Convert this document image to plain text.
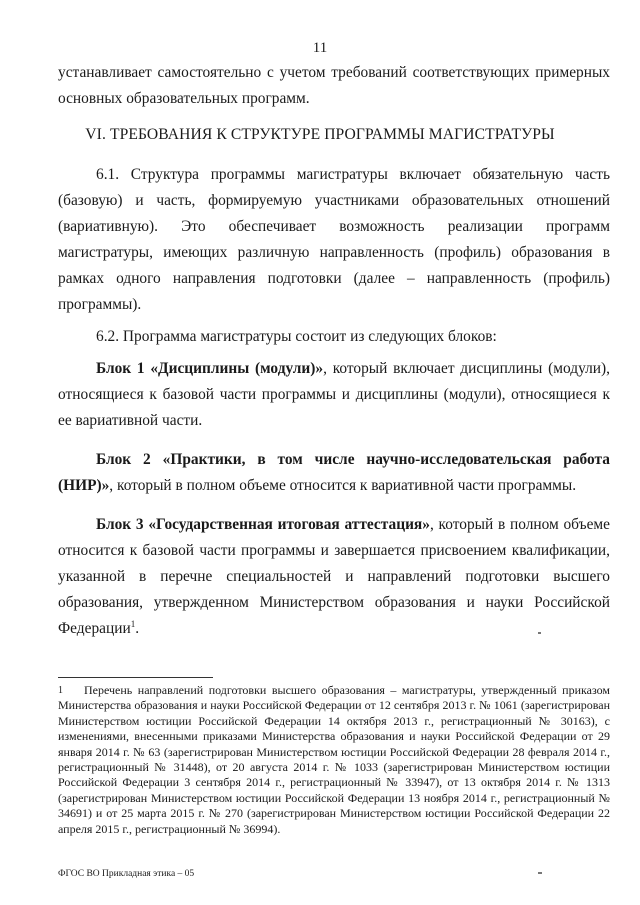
11

устанавливает самостоятельно с учетом требований соответствующих примерных основных образовательных программ.

VI. ТРЕБОВАНИЯ К СТРУКТУРЕ ПРОГРАММЫ МАГИСТРАТУРЫ

6.1. Структура программы магистратуры включает обязательную часть (базовую) и часть, формируемую участниками образовательных отношений (вариативную). Это обеспечивает возможность реализации программ магистратуры, имеющих различную направленность (профиль) образования в рамках одного направления подготовки (далее – направленность (профиль) программы).

6.2. Программа магистратуры состоит из следующих блоков:

Блок 1 «Дисциплины (модули)», который включает дисциплины (модули), относящиеся к базовой части программы и дисциплины (модули), относящиеся к ее вариативной части.

Блок 2 «Практики, в том числе научно-исследовательская работа (НИР)», который в полном объеме относится к вариативной части программы.

Блок 3 «Государственная итоговая аттестация», который в полном объеме относится к базовой части программы и завершается присвоением квалификации, указанной в перечне специальностей и направлений подготовки высшего образования, утвержденном Министерством образования и науки Российской Федерации$^1$.

1 Перечень направлений подготовки высшего образования – магистратуры, утвержденный приказом Министерства образования и науки Российской Федерации от 12 сентября 2013 г. № 1061 (зарегистрирован Министерством юстиции Российской Федерации 14 октября 2013 г., регистрационный № 30163), с изменениями, внесенными приказами Министерства образования и науки Российской Федерации от 29 января 2014 г. № 63 (зарегистрирован Министерством юстиции Российской Федерации 28 февраля 2014 г., регистрационный № 31448), от 20 августа 2014 г. № 1033 (зарегистрирован Министерством юстиции Российской Федерации 3 сентября 2014 г., регистрационный № 33947), от 13 октября 2014 г. № 1313 (зарегистрирован Министерством юстиции Российской Федерации 13 ноября 2014 г., регистрационный № 34691) и от 25 марта 2015 г. № 270 (зарегистрирован Министерством юстиции Российской Федерации 22 апреля 2015 г., регистрационный № 36994).
ФГОС ВО Прикладная этика – 05
